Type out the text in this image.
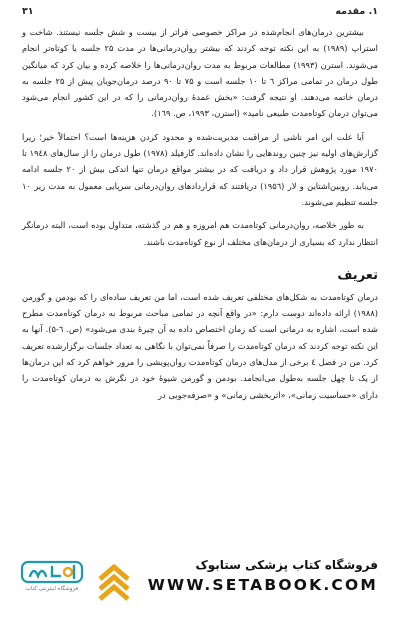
۱. مقدمه
۳۱

بیشترین درمان‌های انجام‌شده در مراکز خصوصی فراتر از بیست و شش جلسه نیستند. شاخت و استراپ (۱۹۸۹) به این نکته توجه کردند که بیشتر روان‌درمانی‌ها در مدت ۲۵ جلسه یا کوتاه‌تر انجام می‌شوند. استرن (۱۹۹۳) مطالعات مربوط به مدت روان‌درمانی‌ها را خلاصه کرده و بیان کرد که میانگین طول درمان در تمامی مراکز ٦ تا ۱۰ جلسه است و ۷۵ تا ۹۰ درصد درمان‌جویان پیش از ۲۵ جلسه به درمان خاتمه می‌دهند. او نتیجه گرفت: «بخش عمدهٔ روان‌درمانی را که در این کشور انجام می‌شود می‌توان درمان کوتاه‌مدت طبیعی نامید» (استرن، ۱۹۹۳، ص. ۱٦۹).

آیا علت این امر ناشی از مراقبت مدیریت‌شده و محدود کردن هزینه‌ها است؟ احتمالاً خیر؛ زیرا گزارش‌های اولیه نیز چنین روندهایی را نشان داده‌اند. گارفیلد (۱۹۷۸) طول درمان را از سال‌های ۱۹٤۸ تا ۱۹۷۰ مورد پژوهش قرار داد و دریافت که در بیشتر مواقع درمان تنها اندکی بیش از ۲۰ جلسه ادامه می‌یابد. روبین‌اشتاین و لار (۱۹۵٦) دریافتند که قراردادهای روان‌درمانی سرپایی معمول به مدت زیر ۱۰ جلسه تنظیم می‌شوند.

به طور خلاصه، روان‌درمانی کوتاه‌مدت هم امروزه و هم در گذشته، متداول بوده است، البته درمانگر انتظار ندارد که بسیاری از درمان‌های مختلف از نوع کوتاه‌مدت باشند.

تعریف

درمان کوتاه‌مدت به شکل‌های مختلفی تعریف شده است، اما من تعریف ساده‌ای را که بودمن و گورمن (۱۹۸۸) ارائه داده‌اند دوست دارم: «در واقع آنچه در تمامی مباحث مربوط به درمان کوتاه‌مدت مطرح شده است، اشاره به درمانی است که زمان اختصاص داده به آن چیرهٔ بندی می‌شود» (ص. ٦-۵). آنها به این نکته توجه کردند که درمان کوتاه‌مدت را صرفاً نمی‌توان با نگاهی به تعداد جلسات برگزارشده تعریف کرد. من در فصل ٤ برخی از مدل‌های درمان کوتاه‌مدت روان‌پویشی را مرور خواهم کرد که این درمان‌ها از یک تا چهل جلسه به‌طول می‌انجامد. بودمن و گورمن شیوهٔ خود در نگرش به درمان کوتاه‌مدت را دارای «حساسیت زمانی»، «اثربخشی زمانی» و «صرفه‌جویی در

فروشگاه اینترنتی کتاب
فروشگاه کتاب پزشکی ستابوک
WWW.SETABOOK.COM
